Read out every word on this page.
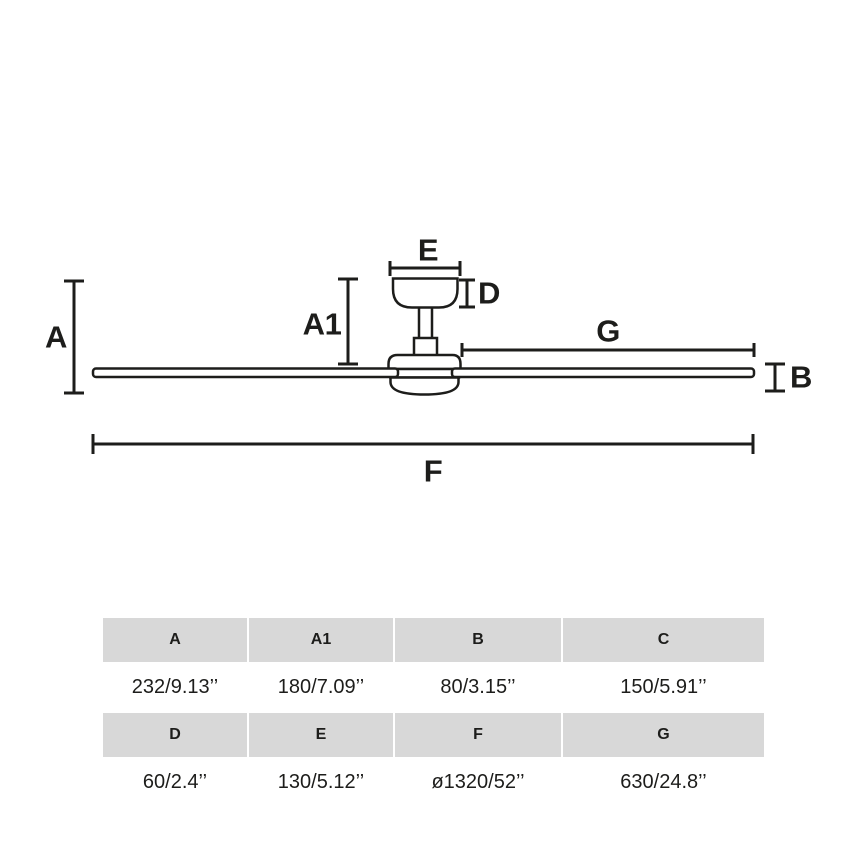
A	A1
E
D
G
B
F
A	A1	B	C
232/9.13’’	180/7.09’’	80/3.15’’	150/5.91’’
D	E	F	G
60/2.4’’	130/5.12’’	ø1320/52’’	630/24.8’’
